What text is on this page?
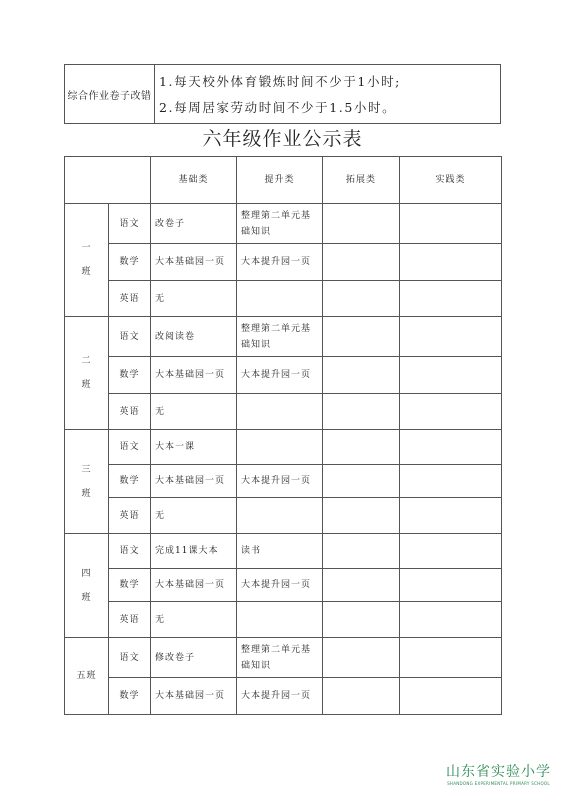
综合作业卷子改错
1.每天校外体育锻炼时间不少于1小时;
2.每周居家劳动时间不少于1.5小时。
六年级作业公示表
		基础类	提升类	拓展类	实践类

一
班	语文	改卷子	整理第二单元基础知识		
	数学	大本基础园一页	大本提升园一页		
	英语	无			

二
班	语文	改阅读卷	整理第二单元基础知识		
	数学	大本基础园一页	大本提升园一页		
	英语	无			

三
班	语文	大本一课			
	数学	大本基础园一页	大本提升园一页		
	英语	无			

四
班	语文	完成11课大本	读书		
	数学	大本基础园一页	大本提升园一页		
	英语	无			

五班	语文	修改卷子	整理第二单元基础知识		
	数学	大本基础园一页	大本提升园一页		
山东省实验小学
SHANDONG EXPERIMENTAL PRIMARY SCHOOL
